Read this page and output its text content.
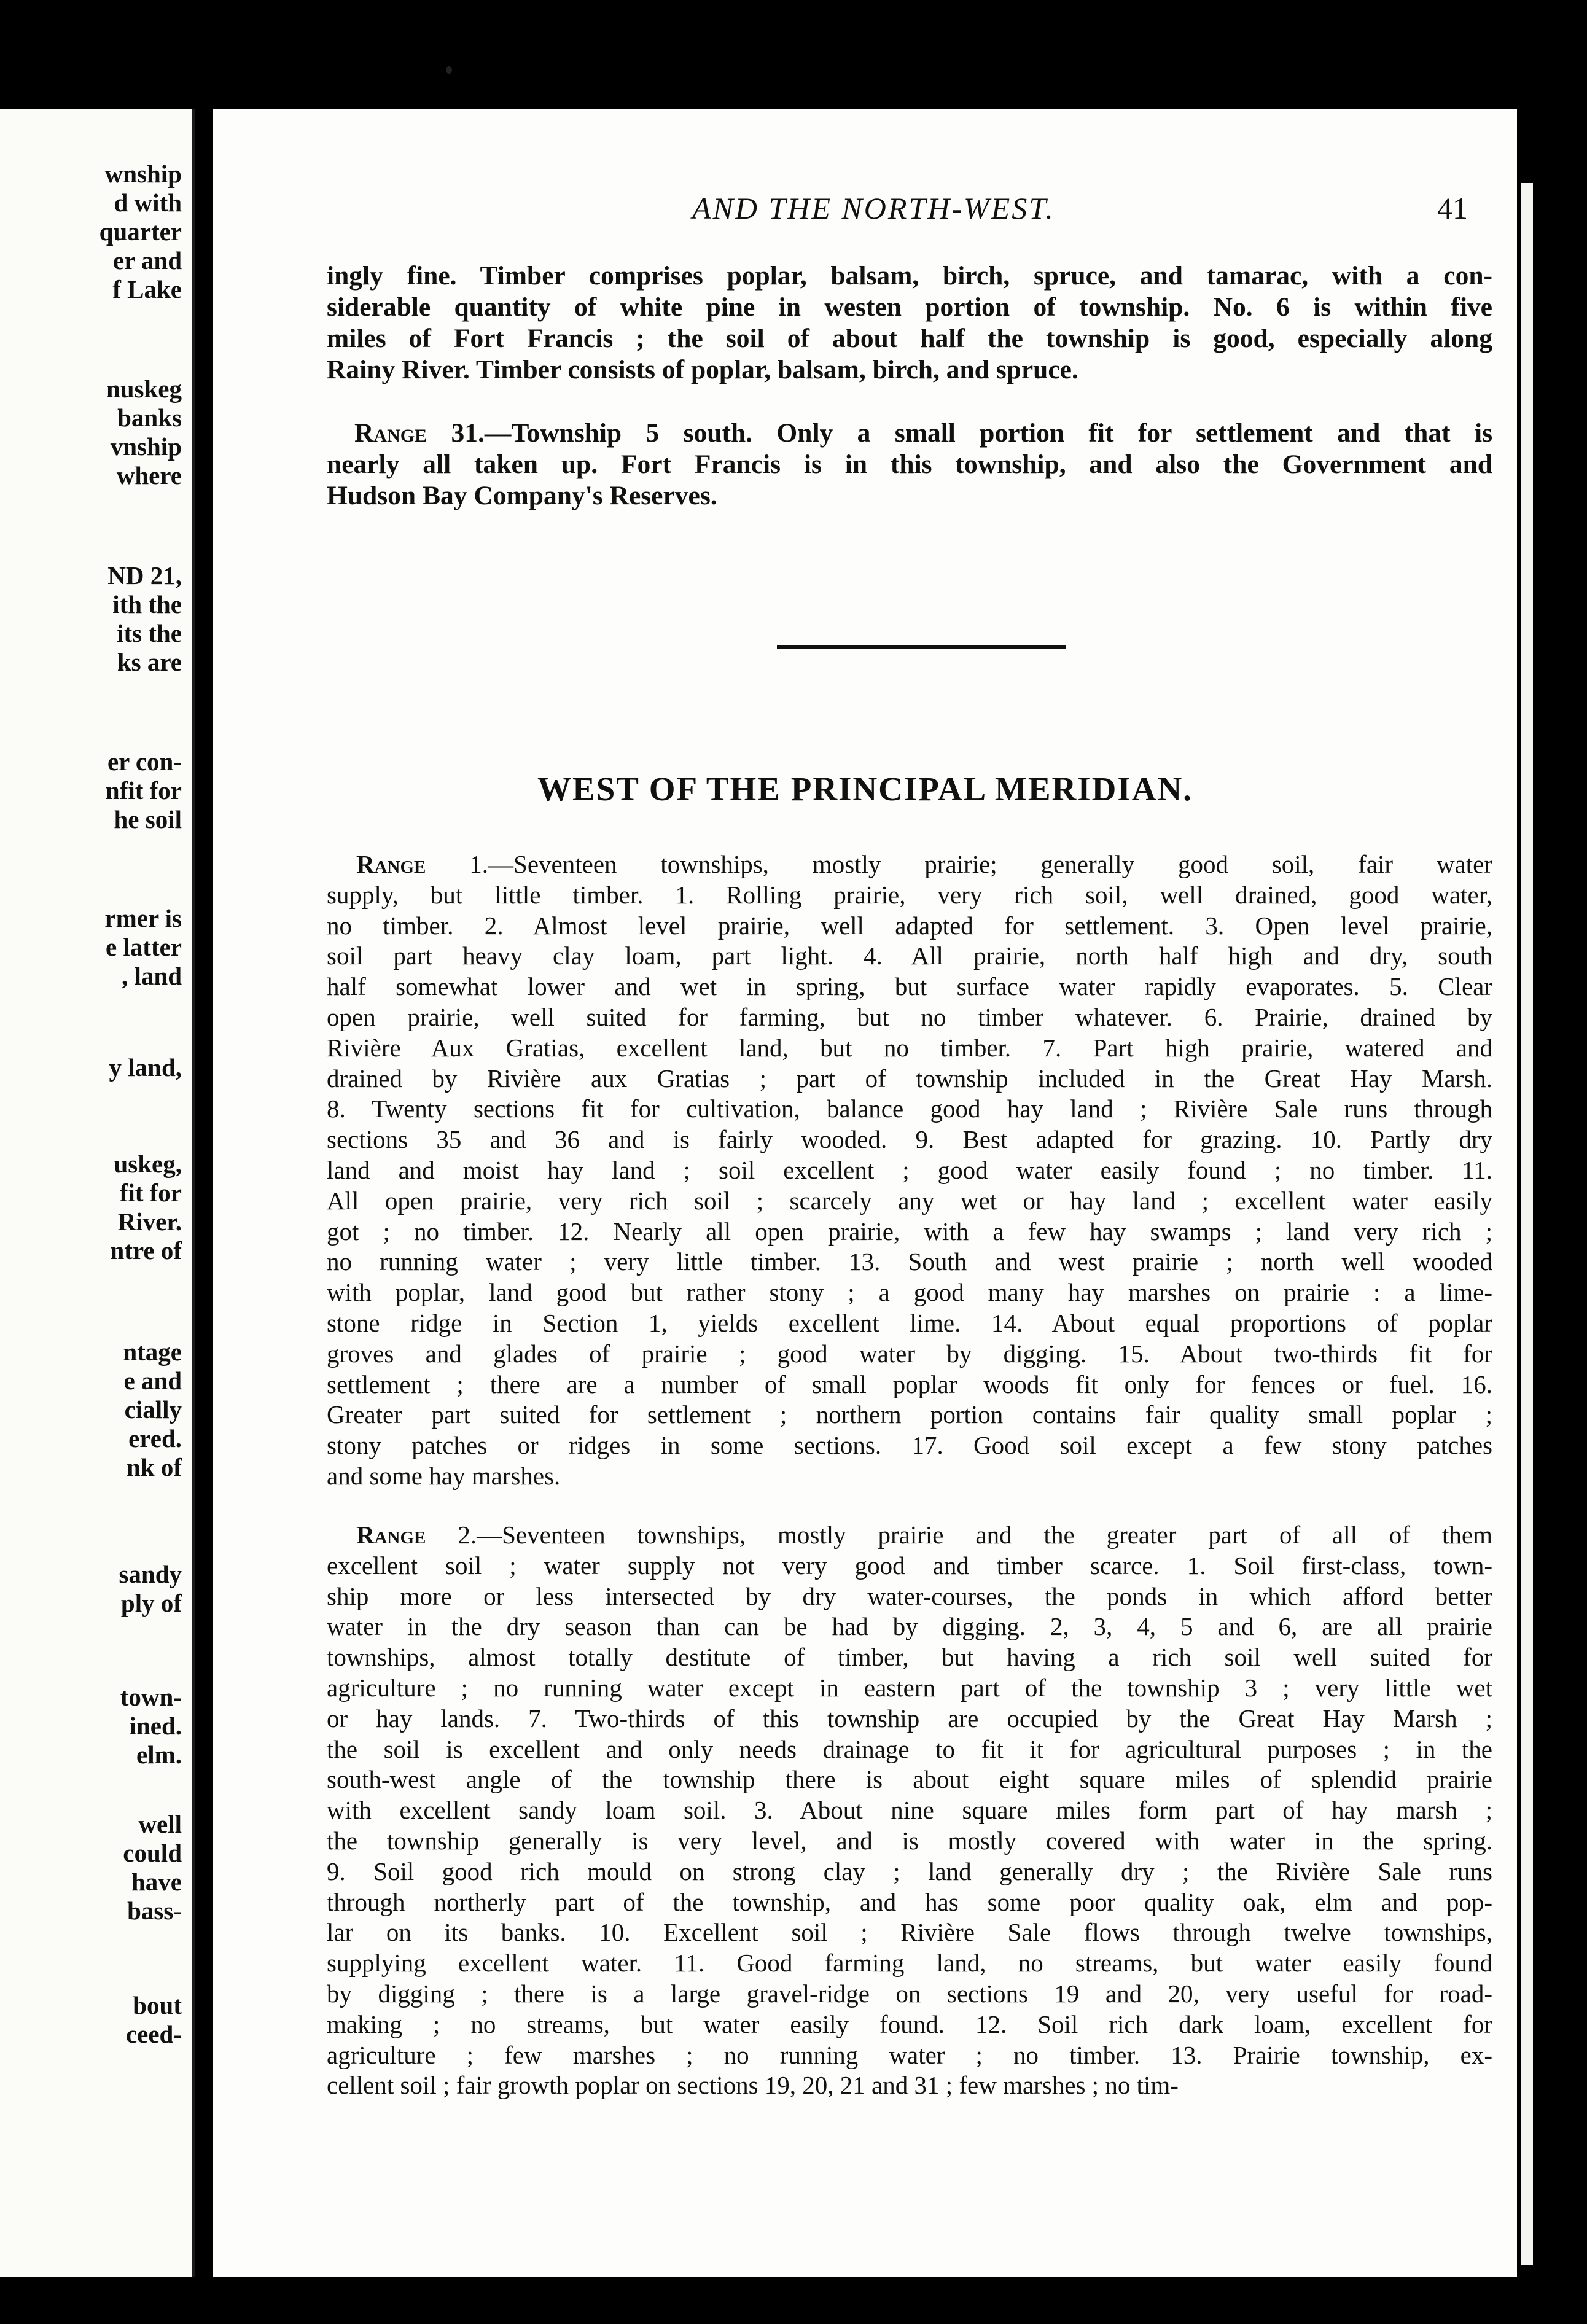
wnship
d with
quarter
er and
f Lake
nuskeg
banks
vnship
where
ND 21,
ith the
its the
ks are
er con-
nfit for
he soil
rmer is
e latter
, land
y land,
uskeg,
fit for
River.
ntre of
ntage
e and
cially
ered.
nk of
sandy
ply of
town-
ined.
elm.
well
could
have
bass-
bout
ceed-
AND THE NORTH-WEST.	41
ingly fine. Timber comprises poplar, balsam, birch, spruce, and tamarac, with a con-
siderable quantity of white pine in westen portion of township. No. 6 is within five
miles of Fort Francis ; the soil of about half the township is good, especially along
Rainy River. Timber consists of poplar, balsam, birch, and spruce.
Range 31.—Township 5 south. Only a small portion fit for settlement and that is
nearly all taken up. Fort Francis is in this township, and also the Government and
Hudson Bay Company's Reserves.
WEST OF THE PRINCIPAL MERIDIAN.
Range 1.—Seventeen townships, mostly prairie; generally good soil, fair water
supply, but little timber. 1. Rolling prairie, very rich soil, well drained, good water,
no timber. 2. Almost level prairie, well adapted for settlement. 3. Open level prairie,
soil part heavy clay loam, part light. 4. All prairie, north half high and dry, south
half somewhat lower and wet in spring, but surface water rapidly evaporates. 5. Clear
open prairie, well suited for farming, but no timber whatever. 6. Prairie, drained by
Rivière Aux Gratias, excellent land, but no timber. 7. Part high prairie, watered and
drained by Rivière aux Gratias ; part of township included in the Great Hay Marsh.
8. Twenty sections fit for cultivation, balance good hay land ; Rivière Sale runs through
sections 35 and 36 and is fairly wooded. 9. Best adapted for grazing. 10. Partly dry
land and moist hay land ; soil excellent ; good water easily found ; no timber. 11.
All open prairie, very rich soil ; scarcely any wet or hay land ; excellent water easily
got ; no timber. 12. Nearly all open prairie, with a few hay swamps ; land very rich ;
no running water ; very little timber. 13. South and west prairie ; north well wooded
with poplar, land good but rather stony ; a good many hay marshes on prairie : a lime-
stone ridge in Section 1, yields excellent lime. 14. About equal proportions of poplar
groves and glades of prairie ; good water by digging. 15. About two-thirds fit for
settlement ; there are a number of small poplar woods fit only for fences or fuel. 16.
Greater part suited for settlement ; northern portion contains fair quality small poplar ;
stony patches or ridges in some sections. 17. Good soil except a few stony patches
and some hay marshes.
Range 2.—Seventeen townships, mostly prairie and the greater part of all of them
excellent soil ; water supply not very good and timber scarce. 1. Soil first-class, town-
ship more or less intersected by dry water-courses, the ponds in which afford better
water in the dry season than can be had by digging. 2, 3, 4, 5 and 6, are all prairie
townships, almost totally destitute of timber, but having a rich soil well suited for
agriculture ; no running water except in eastern part of the township 3 ; very little wet
or hay lands. 7. Two-thirds of this township are occupied by the Great Hay Marsh ;
the soil is excellent and only needs drainage to fit it for agricultural purposes ; in the
south-west angle of the township there is about eight square miles of splendid prairie
with excellent sandy loam soil. 3. About nine square miles form part of hay marsh ;
the township generally is very level, and is mostly covered with water in the spring.
9. Soil good rich mould on strong clay ; land generally dry ; the Rivière Sale runs
through northerly part of the township, and has some poor quality oak, elm and pop-
lar on its banks. 10. Excellent soil ; Rivière Sale flows through twelve townships,
supplying excellent water. 11. Good farming land, no streams, but water easily found
by digging ; there is a large gravel-ridge on sections 19 and 20, very useful for road-
making ; no streams, but water easily found. 12. Soil rich dark loam, excellent for
agriculture ; few marshes ; no running water ; no timber. 13. Prairie township, ex-
cellent soil ; fair growth poplar on sections 19, 20, 21 and 31 ; few marshes ; no tim-
